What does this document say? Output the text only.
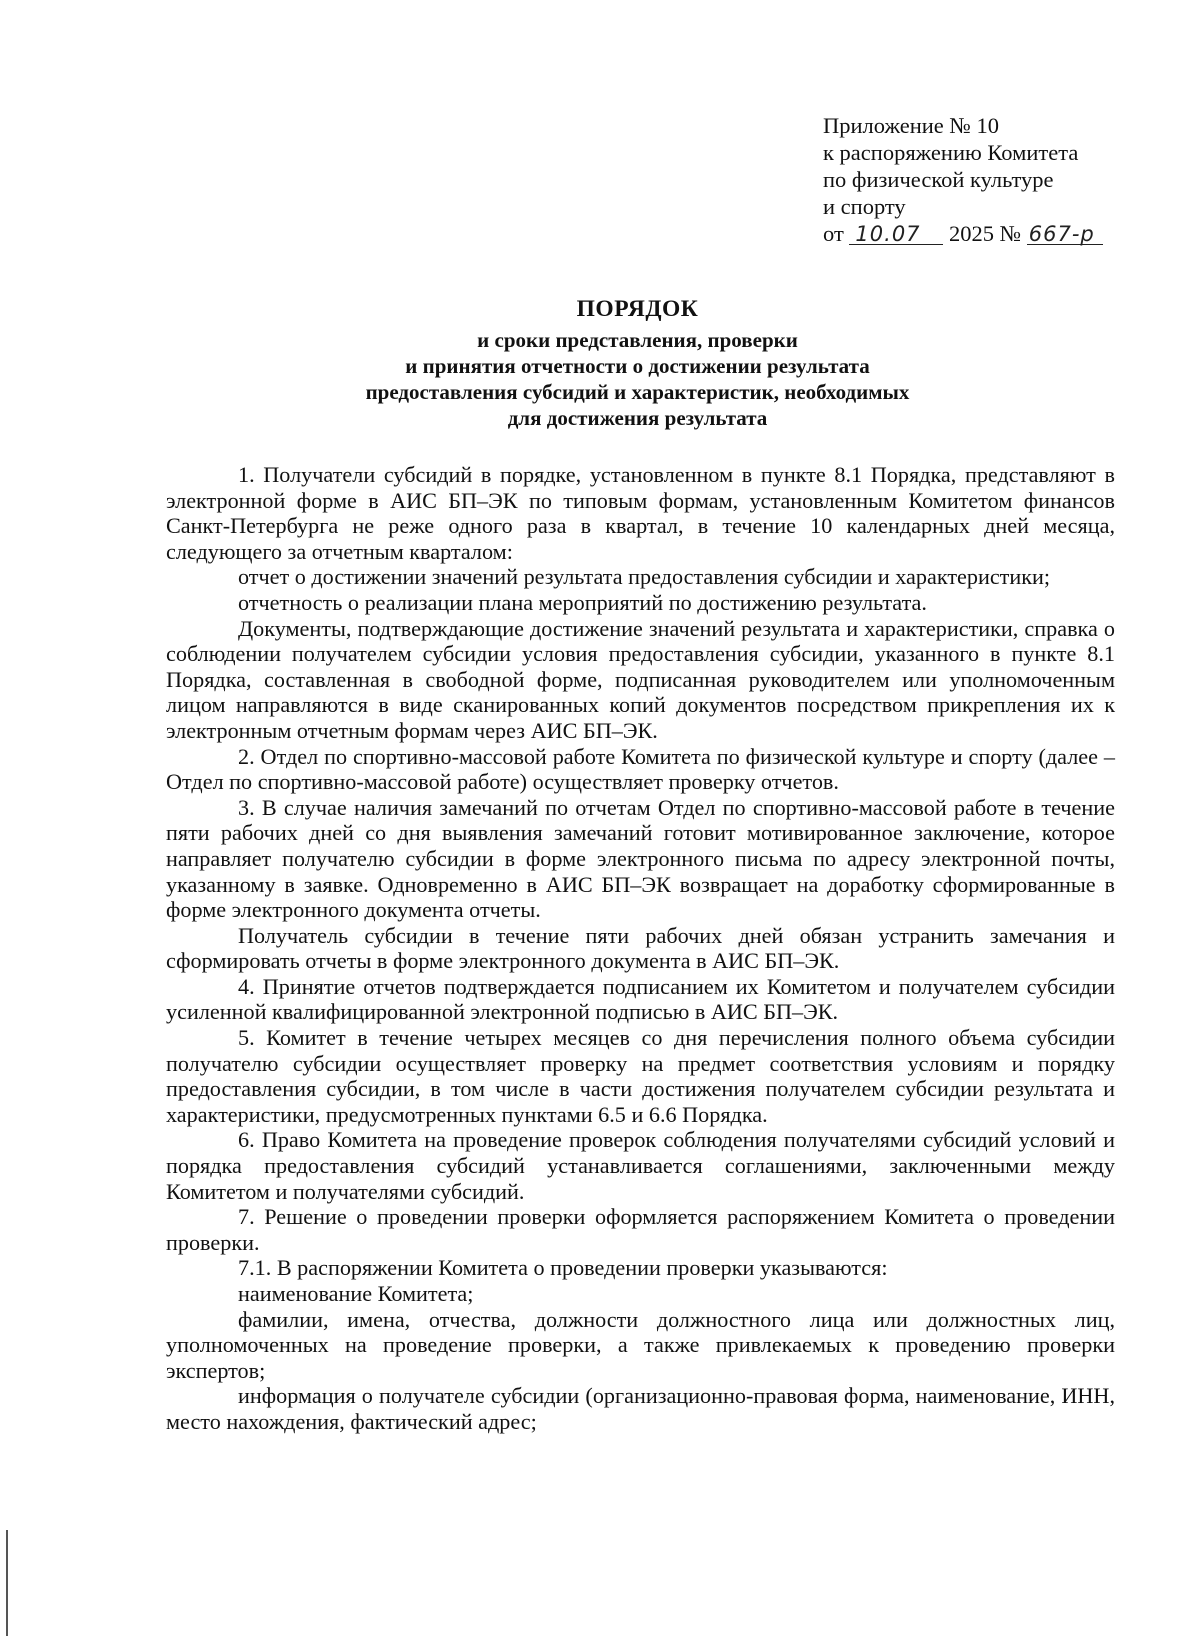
Приложение № 10
к распоряжению Комитета
по физической культуре
и спорту
от 10.07 2025 № 667-р
ПОРЯДОК
и сроки представления, проверки
и принятия отчетности о достижении результата
предоставления субсидий и характеристик, необходимых
для достижения результата

1. Получатели субсидий в порядке, установленном в пункте 8.1 Порядка, представляют в электронной форме в АИС БП–ЭК по типовым формам, установленным Комитетом финансов Санкт-Петербурга не реже одного раза в квартал, в течение 10 календарных дней месяца, следующего за отчетным кварталом:

отчет о достижении значений результата предоставления субсидии и характеристики;

отчетность о реализации плана мероприятий по достижению результата.

Документы, подтверждающие достижение значений результата и характеристики, справка о соблюдении получателем субсидии условия предоставления субсидии, указанного в пункте 8.1 Порядка, составленная в свободной форме, подписанная руководителем или уполномоченным лицом направляются в виде сканированных копий документов посредством прикрепления их к электронным отчетным формам через АИС БП–ЭК.

2. Отдел по спортивно-массовой работе Комитета по физической культуре и спорту (далее – Отдел по спортивно-массовой работе) осуществляет проверку отчетов.

3. В случае наличия замечаний по отчетам Отдел по спортивно-массовой работе в течение пяти рабочих дней со дня выявления замечаний готовит мотивированное заключение, которое направляет получателю субсидии в форме электронного письма по адресу электронной почты, указанному в заявке. Одновременно в АИС БП–ЭК возвращает на доработку сформированные в форме электронного документа отчеты.

Получатель субсидии в течение пяти рабочих дней обязан устранить замечания и сформировать отчеты в форме электронного документа в АИС БП–ЭК.

4. Принятие отчетов подтверждается подписанием их Комитетом и получателем субсидии усиленной квалифицированной электронной подписью в АИС БП–ЭК.

5. Комитет в течение четырех месяцев со дня перечисления полного объема субсидии получателю субсидии осуществляет проверку на предмет соответствия условиям и порядку предоставления субсидии, в том числе в части достижения получателем субсидии результата и характеристики, предусмотренных пунктами 6.5 и 6.6 Порядка.

6. Право Комитета на проведение проверок соблюдения получателями субсидий условий и порядка предоставления субсидий устанавливается соглашениями, заключенными между Комитетом и получателями субсидий.

7. Решение о проведении проверки оформляется распоряжением Комитета о проведении проверки.

7.1. В распоряжении Комитета о проведении проверки указываются:

наименование Комитета;

фамилии, имена, отчества, должности должностного лица или должностных лиц, уполномоченных на проведение проверки, а также привлекаемых к проведению проверки экспертов;

информация о получателе субсидии (организационно-правовая форма, наименование, ИНН, место нахождения, фактический адрес;
